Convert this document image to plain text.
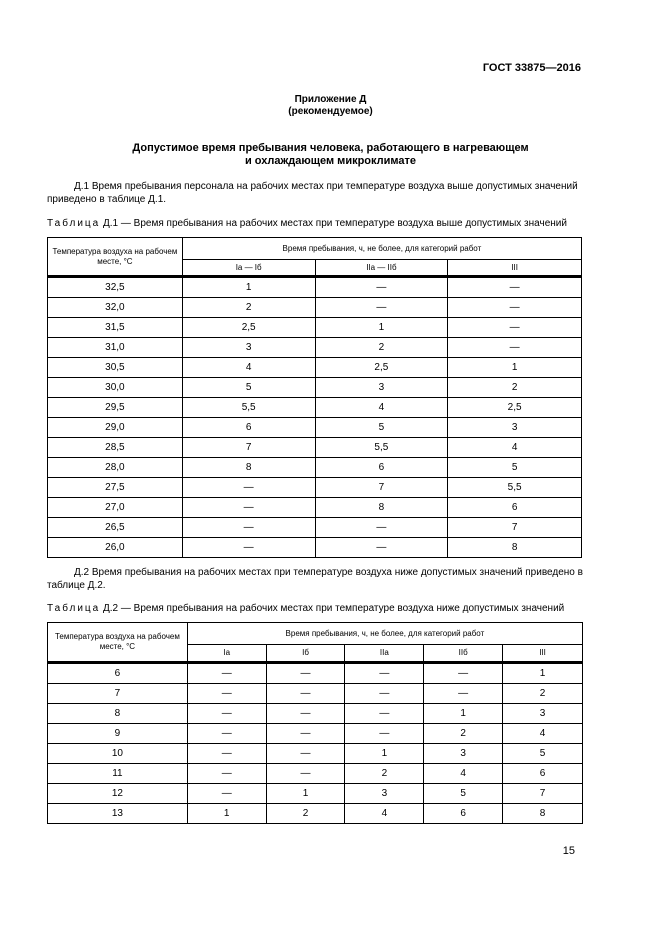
ГОСТ 33875—2016
Приложение Д
(рекомендуемое)
Допустимое время пребывания человека, работающего в нагревающем
и охлаждающем микроклимате
Д.1 Время пребывания персонала на рабочих местах при температуре воздуха выше допустимых значений приведено в таблице Д.1.
Таблица Д.1 — Время пребывания на рабочих местах при температуре воздуха выше допустимых значений
Температура воздуха на рабочем месте, °С	Время пребывания, ч, не более, для категорий работ		
	Iа — Iб	IIа — IIб	III
32,5	1	—	—
32,0	2	—	—
31,5	2,5	1	—
31,0	3	2	—
30,5	4	2,5	1
30,0	5	3	2
29,5	5,5	4	2,5
29,0	6	5	3
28,5	7	5,5	4
28,0	8	6	5
27,5	—	7	5,5
27,0	—	8	6
26,5	—	—	7
26,0	—	—	8
Д.2 Время пребывания на рабочих местах при температуре воздуха ниже допустимых значений приведено в таблице Д.2.
Таблица Д.2 — Время пребывания на рабочих местах при температуре воздуха ниже допустимых значений
Температура воздуха на рабочем месте, °С	Время пребывания, ч, не более, для категорий работ				
	Iа	Iб	IIа	IIб	III
6	—	—	—	—	1
7	—	—	—	—	2
8	—	—	—	1	3
9	—	—	—	2	4
10	—	—	1	3	5
11	—	—	2	4	6
12	—	1	3	5	7
13	1	2	4	6	8
15
